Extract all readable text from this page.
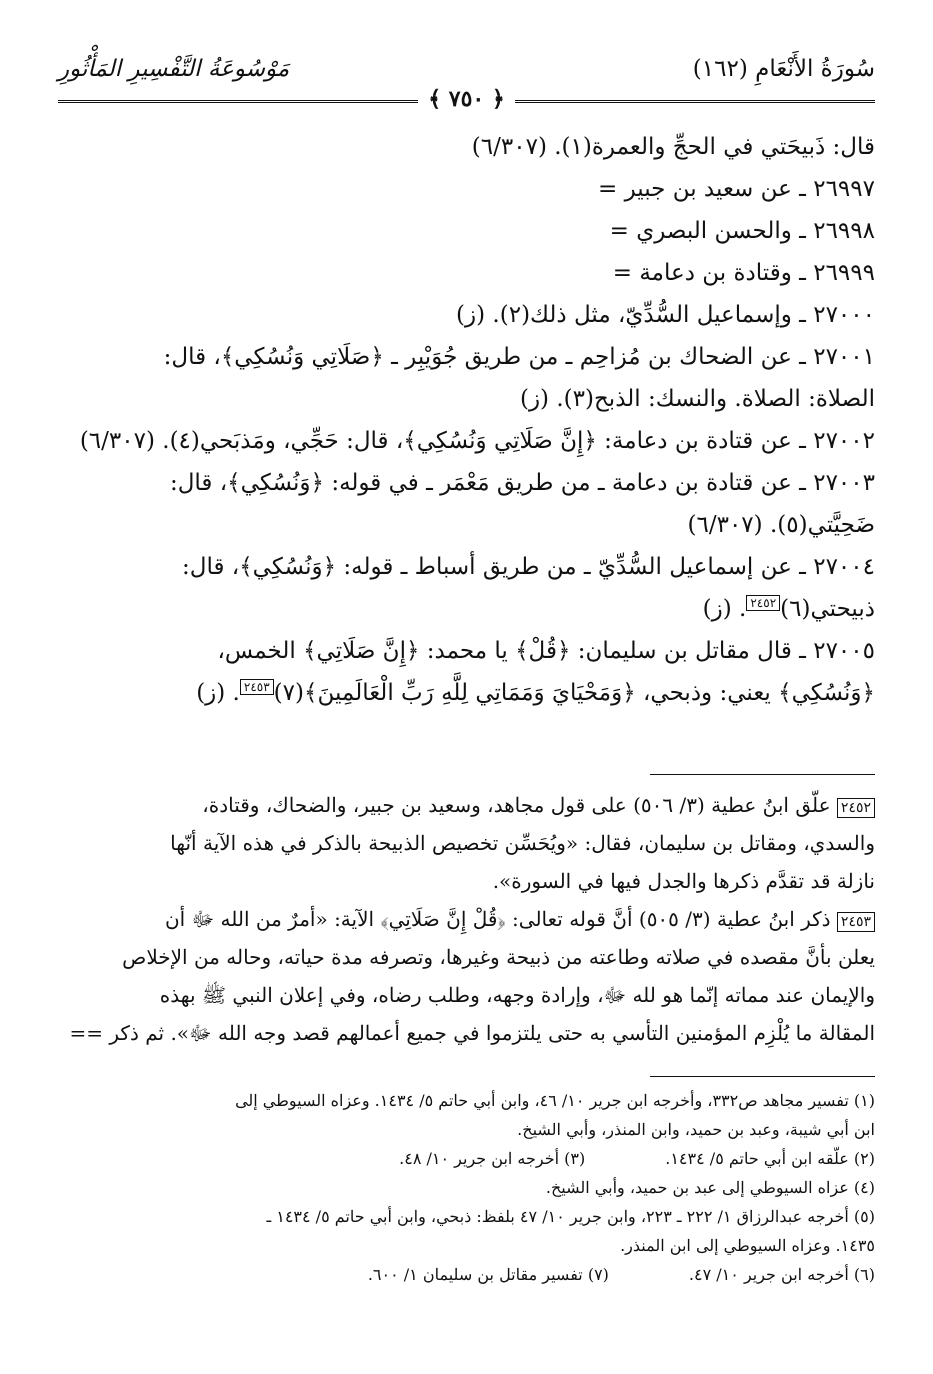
سُورَةُ الأَنْعَامِ (١٦٢)
مَوْسُوعَةُ التَّفْسِيرِ المَأْثُورِ
﴾ ٧٥٠ ﴿
قال: ذَبيحَتي في الحجِّ والعمرة(١). (٦/٣٠٧)
٢٦٩٩٧ ـ عن سعيد بن جبير =
٢٦٩٩٨ ـ والحسن البصري =
٢٦٩٩٩ ـ وقتادة بن دعامة =
٢٧٠٠٠ ـ وإسماعيل السُّدِّيّ، مثل ذلك(٢). (ز)
٢٧٠٠١ ـ عن الضحاك بن مُزاحِم ـ من طريق جُوَيْبِر ـ ﴿صَلَاتِي وَنُسُكِي﴾، قال:
الصلاة: الصلاة. والنسك: الذبح(٣). (ز)
٢٧٠٠٢ ـ عن قتادة بن دعامة: ﴿إِنَّ صَلَاتِي وَنُسُكِي﴾، قال: حَجِّي، ومَذبَحي(٤). (٦/٣٠٧)
٢٧٠٠٣ ـ عن قتادة بن دعامة ـ من طريق مَعْمَر ـ في قوله: ﴿وَنُسُكِي﴾، قال:
ضَحِيَّتي(٥). (٦/٣٠٧)
٢٧٠٠٤ ـ عن إسماعيل السُّدِّيّ ـ من طريق أسباط ـ قوله: ﴿وَنُسُكِي﴾، قال:
ذبيحتي(٦)٢٤٥٢. (ز)
٢٧٠٠٥ ـ قال مقاتل بن سليمان: ﴿قُلْ﴾ يا محمد: ﴿إِنَّ صَلَاتِي﴾ الخمس،
﴿وَنُسُكِي﴾ يعني: وذبحي، ﴿وَمَحْيَايَ وَمَمَاتِي لِلَّهِ رَبِّ الْعَالَمِينَ﴾(٧)٢٤٥٣. (ز)
٢٤٥٢ علّق ابنُ عطية (٣/ ٥٠٦) على قول مجاهد، وسعيد بن جبير، والضحاك، وقتادة،
والسدي، ومقاتل بن سليمان، فقال: «ويُحَسِّن تخصيص الذبيحة بالذكر في هذه الآية أنّها
نازلة قد تقدَّم ذكرها والجدل فيها في السورة».
٢٤٥٣ ذكر ابنُ عطية (٣/ ٥٠٥) أنَّ قوله تعالى: ﴿قُلْ إِنَّ صَلَاتِي﴾ الآية: «أمرٌ من الله ﷻ أن
يعلن بأنَّ مقصده في صلاته وطاعته من ذبيحة وغيرها، وتصرفه مدة حياته، وحاله من الإخلاص
والإيمان عند مماته إنّما هو لله ﷻ، وإرادة وجهه، وطلب رضاه، وفي إعلان النبي ﷺ بهذه
المقالة ما يُلْزِم المؤمنين التأسي به حتى يلتزموا في جميع أعمالهم قصد وجه الله ﷻ». ثم ذكر ==
(١) تفسير مجاهد ص٣٣٢، وأخرجه ابن جرير ١٠/ ٤٦، وابن أبي حاتم ٥/ ١٤٣٤. وعزاه السيوطي إلى
ابن أبي شيبة، وعبد بن حميد، وابن المنذر، وأبي الشيخ.
(٢) علّقه ابن أبي حاتم ٥/ ١٤٣٤.
(٣) أخرجه ابن جرير ١٠/ ٤٨.
(٤) عزاه السيوطي إلى عبد بن حميد، وأبي الشيخ.
(٥) أخرجه عبدالرزاق ١/ ٢٢٢ ـ ٢٢٣، وابن جرير ١٠/ ٤٧ بلفظ: ذبحي، وابن أبي حاتم ٥/ ١٤٣٤ ـ
١٤٣٥. وعزاه السيوطي إلى ابن المنذر.
(٦) أخرجه ابن جرير ١٠/ ٤٧.
(٧) تفسير مقاتل بن سليمان ١/ ٦٠٠.
